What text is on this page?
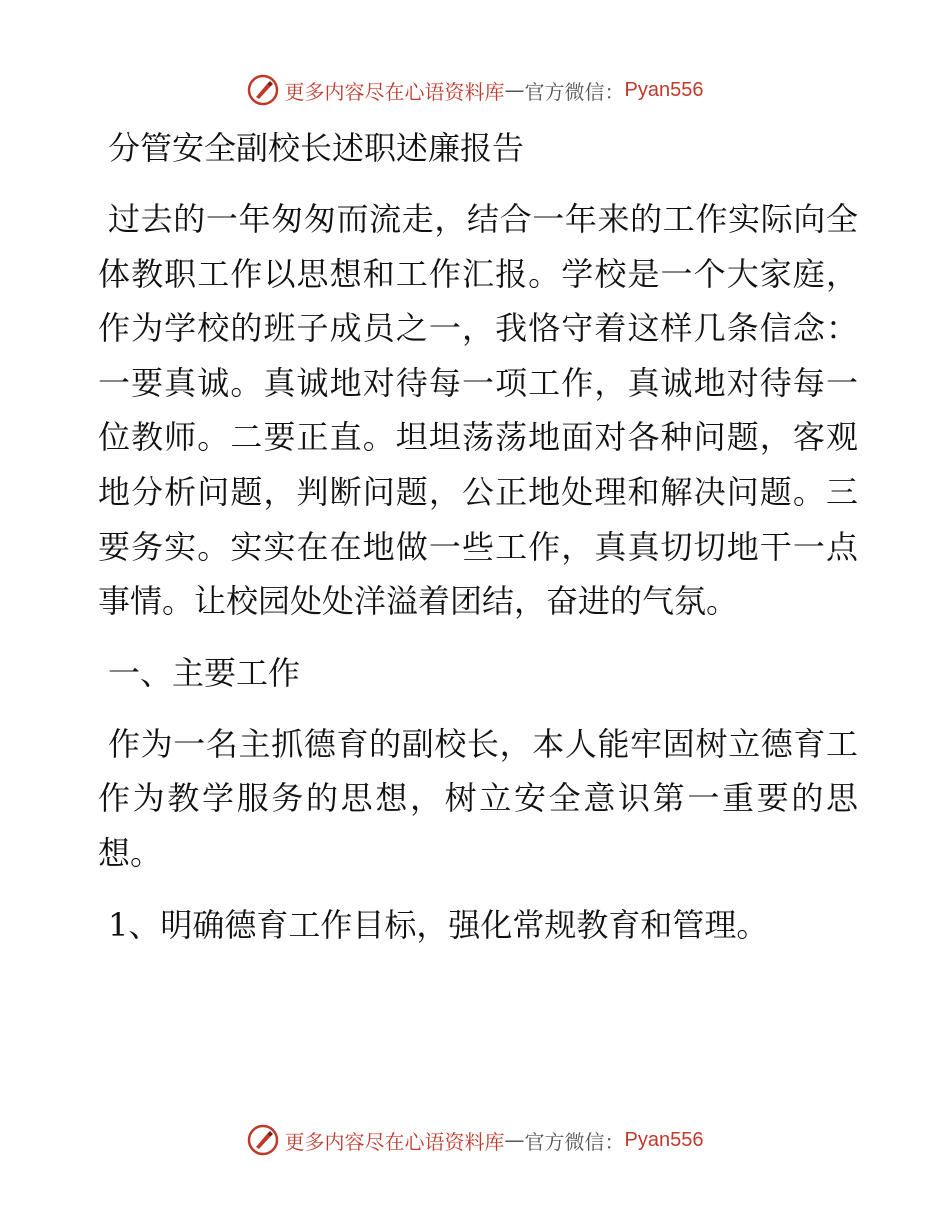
更多内容尽在心语资料库 — 官方微信： Pyan556
分管安全副校长述职述廉报告

过去的一年匆匆而流走，结合一年来的工作实际向全体教职工作以思想和工作汇报。学校是一个大家庭，作为学校的班子成员之一，我恪守着这样几条信念：一要真诚。真诚地对待每一项工作，真诚地对待每一位教师。二要正直。坦坦荡荡地面对各种问题，客观地分析问题，判断问题，公正地处理和解决问题。三要务实。实实在在地做一些工作，真真切切地干一点事情。让校园处处洋溢着团结，奋进的气氛。

一、主要工作

作为一名主抓德育的副校长，本人能牢固树立德育工作为教学服务的思想，树立安全意识第一重要的思想。

1、明确德育工作目标，强化常规教育和管理。
更多内容尽在心语资料库 — 官方微信： Pyan556
